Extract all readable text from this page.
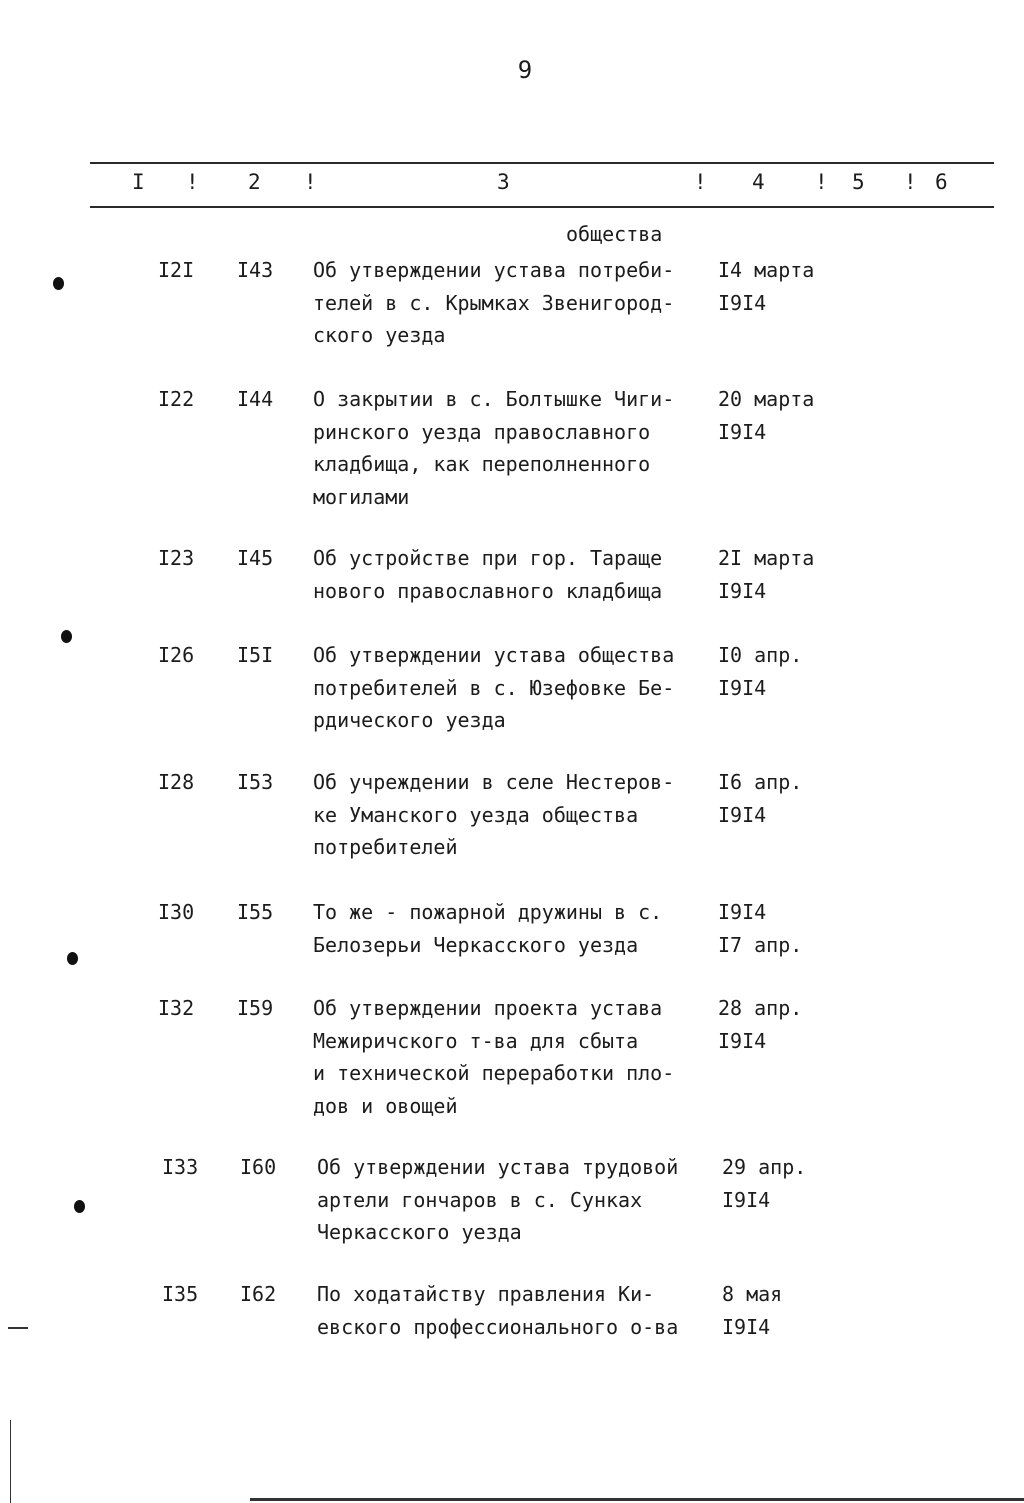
9
I ! 2 !	3	! 4 ! 5 ! 6
общества
I2I I43 Об утверждении устава потреби-
телей в с. Крымках Звенигород-
ского уезда
I4 марта
I9I4
I22 I44 О закрытии в с. Болтышке Чиги-
ринского уезда православного
кладбища, как переполненного
могилами
20 марта
I9I4
I23 I45 Об устройстве при гор. Тараще
нового православного кладбища
2I марта
I9I4
I26 I5I Об утверждении устава общества
потребителей в с. Юзефовке Бе-
рдического уезда
I0 апр.
I9I4
I28 I53 Об учреждении в селе Нестеров-
ке Уманского уезда общества
потребителей
I6 апр.
I9I4
I30 I55 То же - пожарной дружины в с.
Белозерьи Черкасского уезда
I9I4
I7 апр.
I32 I59 Об утверждении проекта устава
Межиричского т-ва для сбыта
и технической переработки пло-
дов и овощей
28 апр.
I9I4
I33 I60 Об утверждении устава трудовой
артели гончаров в с. Сунках
Черкасского уезда
29 апр.
I9I4
I35 I62 По ходатайству правления Ки-
евского профессионального о-ва
8 мая
I9I4
